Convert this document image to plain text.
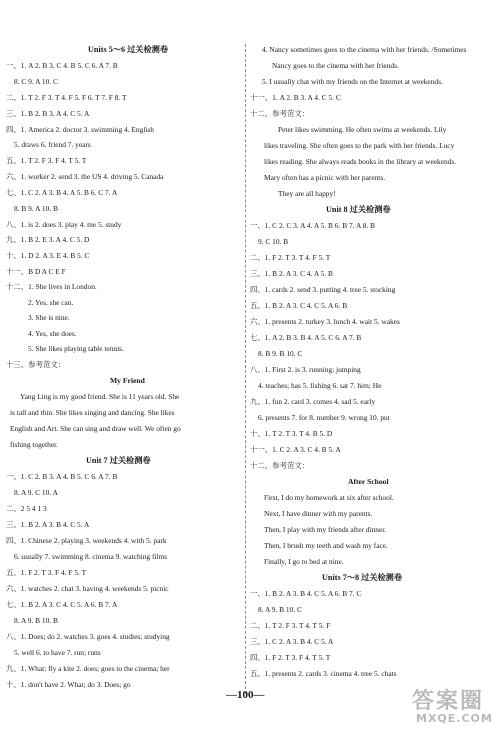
Units 5～6 过关检测卷
一、1. A 2. B 3. C 4. B 5. C 6. A 7. B
8. C 9. A 10. C
二、1. T 2. F 3. T 4. F 5. F 6. T 7. F 8. T
三、1. B 2. B 3. A 4. C 5. A
四、1. America 2. doctor 3. swimming 4. English
5. draws 6. friend 7. years
五、1. T 2. F 3. F 4. T 5. T
六、1. worker 2. send 3. the US 4. driving 5. Canada
七、1. C 2. A 3. B 4. A 5. B 6. C 7. A
8. B 9. A 10. B
八、1. is 2. does 3. play 4. me 5. study
九、1. B 2. E 3. A 4. C 5. D
十、1. D 2. A 3. E 4. B 5. C
十一、B D A C E F
十二、1. She lives in London.
2. Yes, she can.
3. She is nine.
4. Yes, she does.
5. She likes playing table tennis.
十三、参考范文：
My Friend
Yang Ling is my good friend. She is 11 years old. She
is tall and thin. She likes singing and dancing. She likes
English and Art. She can sing and draw well. We often go
fishing together.
Unit 7 过关检测卷
一、1. C 2. B 3. A 4. B 5. C 6. A 7. B
8. A 9. C 10. A
二、2 5 4 1 3
三、1. B 2. A 3. B 4. C 5. A
四、1. Chinese 2. playing 3. weekends 4. with 5. park
6. usually 7. swimming 8. cinema 9. watching films
五、1. F 2. T 3. F 4. F 5. T
六、1. watches 2. chat 3. having 4. weekends 5. picnic
七、1. B 2. A 3. C 4. C 5. A 6. B 7. A
8. A 9. B 10. B
八、1. Does; do 2. watches 3. goes 4. studies; studying
5. well 6. to have 7. run; runs
九、1. What; fly a kite 2. does; goes to the cinema; her
十、1. don't have 2. What; do 3. Does; go
4. Nancy sometimes goes to the cinema with her friends. /Sometimes
Nancy goes to the cinema with her friends.
5. I usually chat with my friends on the Internet at weekends.
十一、1. A 2. B 3. A 4. C 5. C
十二、参考范文：
Peter likes swimming. He often swims at weekends. Lily
likes traveling. She often goes to the park with her friends. Lucy
likes reading. She always reads books in the library at weekends.
Mary often has a picnic with her parents.
They are all happy!
Unit 8 过关检测卷
一、1. C 2. C 3. A 4. A 5. B 6. B 7. A 8. B
9. C 10. B
二、1. F 2. T 3. T 4. F 5. T
三、1. B 2. A 3. C 4. A 5. B
四、1. cards 2. send 3. putting 4. tree 5. stocking
五、1. B 2. A 3. C 4. C 5. A 6. B
六、1. presents 2. turkey 3. lunch 4. wait 5. wakes
七、1. A 2. B 3. B 4. A 5. C 6. A 7. B
8. B 9. B 10. C
八、1. First 2. is 3. running; jumping
4. teaches; has 5. fishing 6. sat 7. him; He
九、1. fun 2. card 3. comes 4. sad 5. early
6. presents 7. for 8. number 9. wrong 10. put
十、1. T 2. T 3. T 4. B 5. D
十一、1. C 2. A 3. C 4. B 5. A
十二、参考范文：
After School
First, I do my homework at six after school.
Next, I have dinner with my parents.
Then, I play with my friends after dinner.
Then, I brush my teeth and wash my face.
Finally, I go to bed at nine.
Units 7～8 过关检测卷
一、1. B 2. A 3. B 4. C 5. A 6. B 7. C
8. A 9. B 10. C
二、1. T 2. F 3. T 4. T 5. F
三、1. C 2. A 3. B 4. C 5. A
四、1. F 2. T 3. F 4. T 5. T
五、1. presents 2. cards 3. cinema 4. tree 5. chats
—100—	答案圈
MXQE.COM
